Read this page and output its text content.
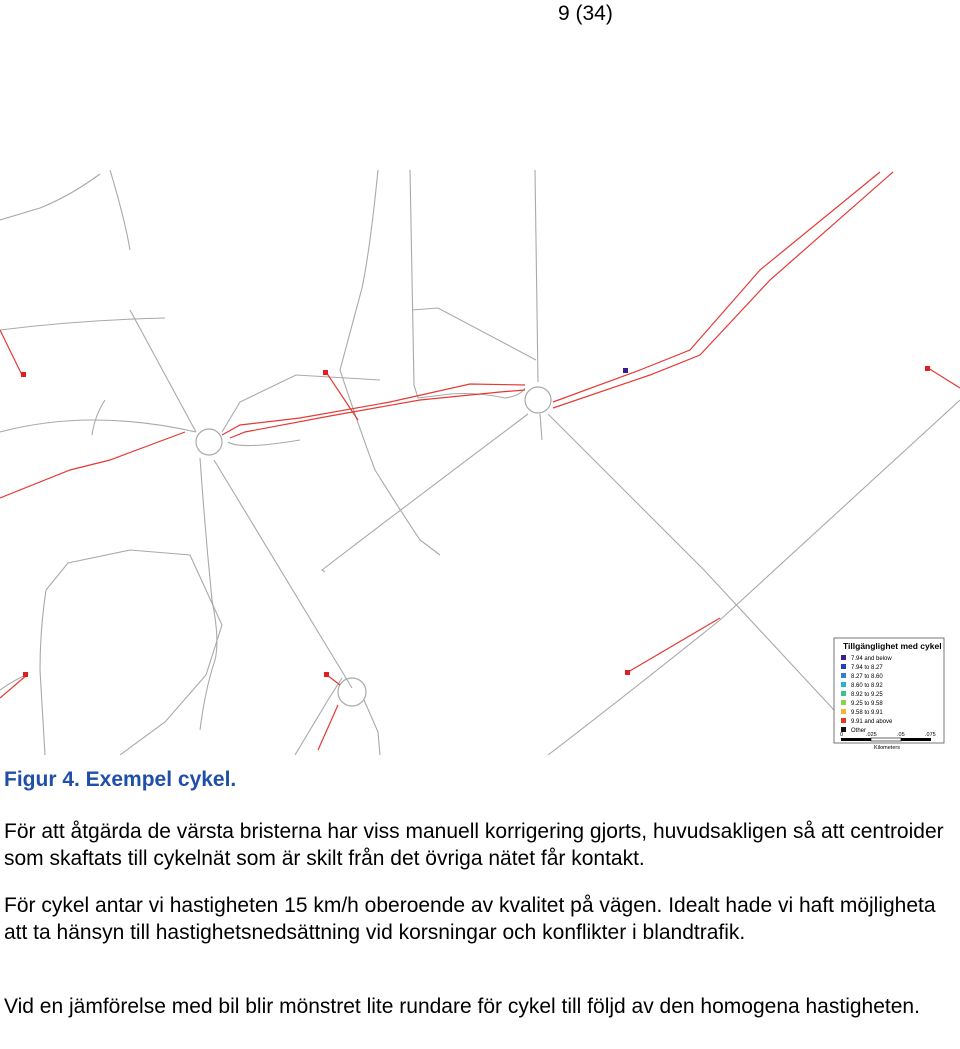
9 (34)
Tillgänglighet med cykel
7.94 and below
7.94 to 8.27
8.27 to 8.60
8.60 to 8.92
8.92 to 9.25
9.25 to 9.58
9.58 to 9.91
9.91 and above
Other
0	.025	.05	.075
Kilometers
Figur 4. Exempel cykel.
För att åtgärda de värsta bristerna har viss manuell korrigering gjorts, huvudsakligen så att centroider som skaftats till cykelnät som är skilt från det övriga nätet får kontakt.
För cykel antar vi hastigheten 15 km/h oberoende av kvalitet på vägen. Idealt hade vi haft möjligheta att ta hänsyn till hastighetsnedsättning vid korsningar och konflikter i blandtrafik.
Vid en jämförelse med bil blir mönstret lite rundare för cykel till följd av den homogena hastigheten.
